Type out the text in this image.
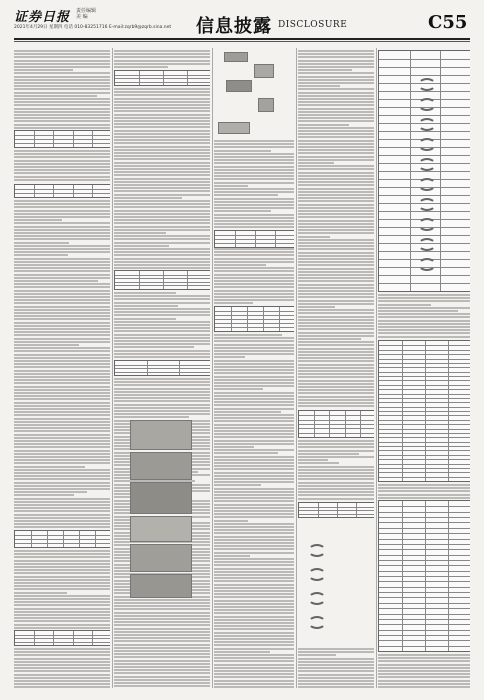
证券日报 责任编辑
美 编
2021年4月29日 星期四 电话 010-83251716 E-mail:zqrb9@zqrb.sina.net 信息披露 DISCLOSURE	C55
